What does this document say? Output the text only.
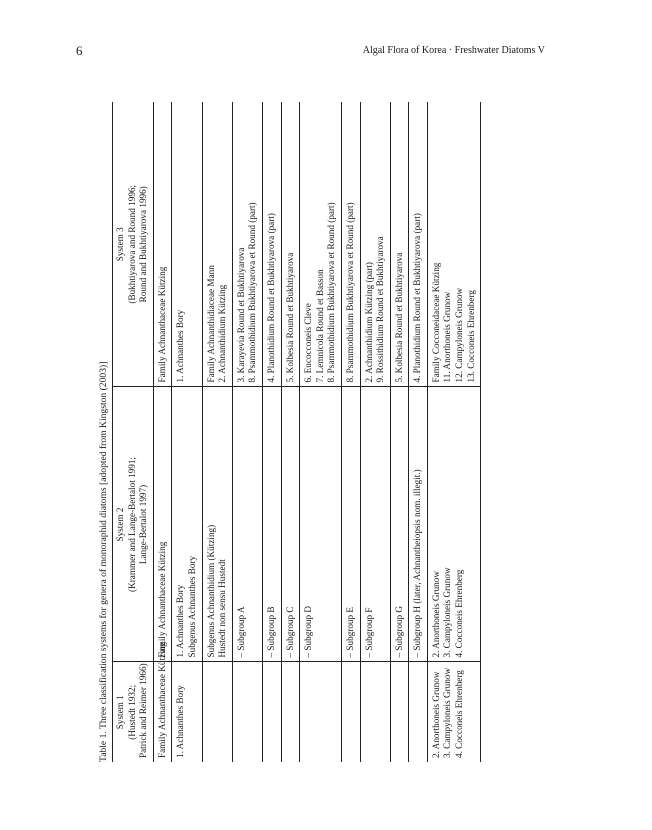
6	Algal Flora of Korea · Freshwater Diatoms V
Table 1. Three classification systems for genera of monoraphid diatoms [adopted from Kingston (2003)] System 1 (Hustedt 1932; Patrick and Reimer 1966)	System 2 (Krammer and Lange-Bertalot 1991; Lange-Bertalot 1997)	System 3 (Bukhtiyarova and Round 1996; Round and Bukhtiyarova 1996)

Family Achnanthaceae Kützing	Family Achnanthaceae Kützing	Family Achnanthaceae Kützing

1. Achnanthes Bory	1. Achnanthes Bory Subgenus Achnanthes Bory	1. Achnanthes Bory

	Subgenus Achnanthidium (Kützing) Hustedt non sensu Hustedt	Family Achnanthidiaceae Mann 2. Achnanthidium Kützing

	– Subgroup A	3. Karayevia Round et Bukhtiyarova 8. Psammothidium Bukhtiyarova et Round (part)

	– Subgroup B	4. Planothidium Round et Bukhtiyarova (part)

	– Subgroup C	5. Kolbesia Round et Bukhtiyarova

	– Subgroup D	6. Eucocconeis Cleve 7. Lemnicola Round et Basson 8. Psammothidium Bukhtiyarova et Round (part)

	– Subgroup E	8. Psammothidium Bukhtiyarova et Round (part)

	– Subgroup F	2. Achnanthidium Kützing (part) 9. Rossithidium Round et Bukhtiyarova

	– Subgroup G	5. Kolbesia Round et Bukhtiyarova

	– Subgroup H (later, Achnantheiopsis nom. illegit.)	4. Planothidium Round et Bukhtiyarova (part)

2. Anorthoneis Grunow 3. Campyloneis Grunow 4. Cocconeis Ehrenberg	2. Anorthoneis Grunow 3. Campyloneis Grunow 4. Cocconeis Ehrenberg	Family Cocconeidaceae Kützing 11. Anorthoneis Grunow 12. Campyloneis Grunow 13. Cocconeis Ehrenberg
